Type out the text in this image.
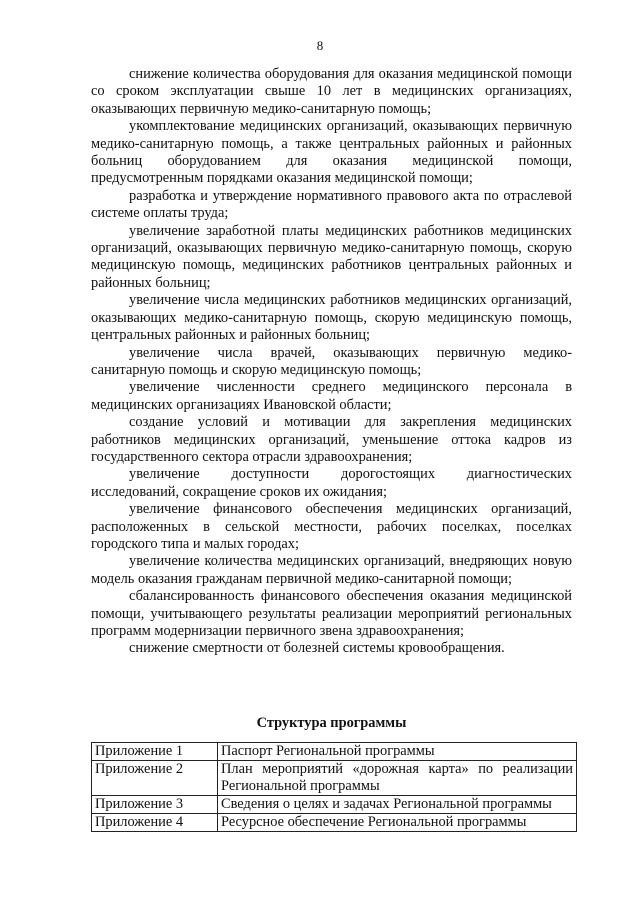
8

снижение количества оборудования для оказания медицинской помощи со сроком эксплуатации свыше 10 лет в медицинских организациях, оказывающих первичную медико-санитарную помощь;

укомплектование медицинских организаций, оказывающих первичную медико-санитарную помощь, а также центральных районных и районных больниц оборудованием для оказания медицинской помощи, предусмотренным порядками оказания медицинской помощи;

разработка и утверждение нормативного правового акта по отраслевой системе оплаты труда;

увеличение заработной платы медицинских работников медицинских организаций, оказывающих первичную медико-санитарную помощь, скорую медицинскую помощь, медицинских работников центральных районных и районных больниц;

увеличение числа медицинских работников медицинских организаций, оказывающих медико-санитарную помощь, скорую медицинскую помощь, центральных районных и районных больниц;

увеличение числа врачей, оказывающих первичную медико-санитарную помощь и скорую медицинскую помощь;

увеличение численности среднего медицинского персонала в медицинских организациях Ивановской области;

создание условий и мотивации для закрепления медицинских работников медицинских организаций, уменьшение оттока кадров из государственного сектора отрасли здравоохранения;

увеличение доступности дорогостоящих диагностических исследований, сокращение сроков их ожидания;

увеличение финансового обеспечения медицинских организаций, расположенных в сельской местности, рабочих поселках, поселках городского типа и малых городах;

увеличение количества медицинских организаций, внедряющих новую модель оказания гражданам первичной медико-санитарной помощи;

сбалансированность финансового обеспечения оказания медицинской помощи, учитывающего результаты реализации мероприятий региональных программ модернизации первичного звена здравоохранения;

снижение смертности от болезней системы кровообращения.

Структура программы
Приложение 1	Паспорт Региональной программы
Приложение 2	План мероприятий «дорожная карта» по реализации Региональной программы
Приложение 3	Сведения о целях и задачах Региональной программы
Приложение 4	Ресурсное обеспечение Региональной программы
